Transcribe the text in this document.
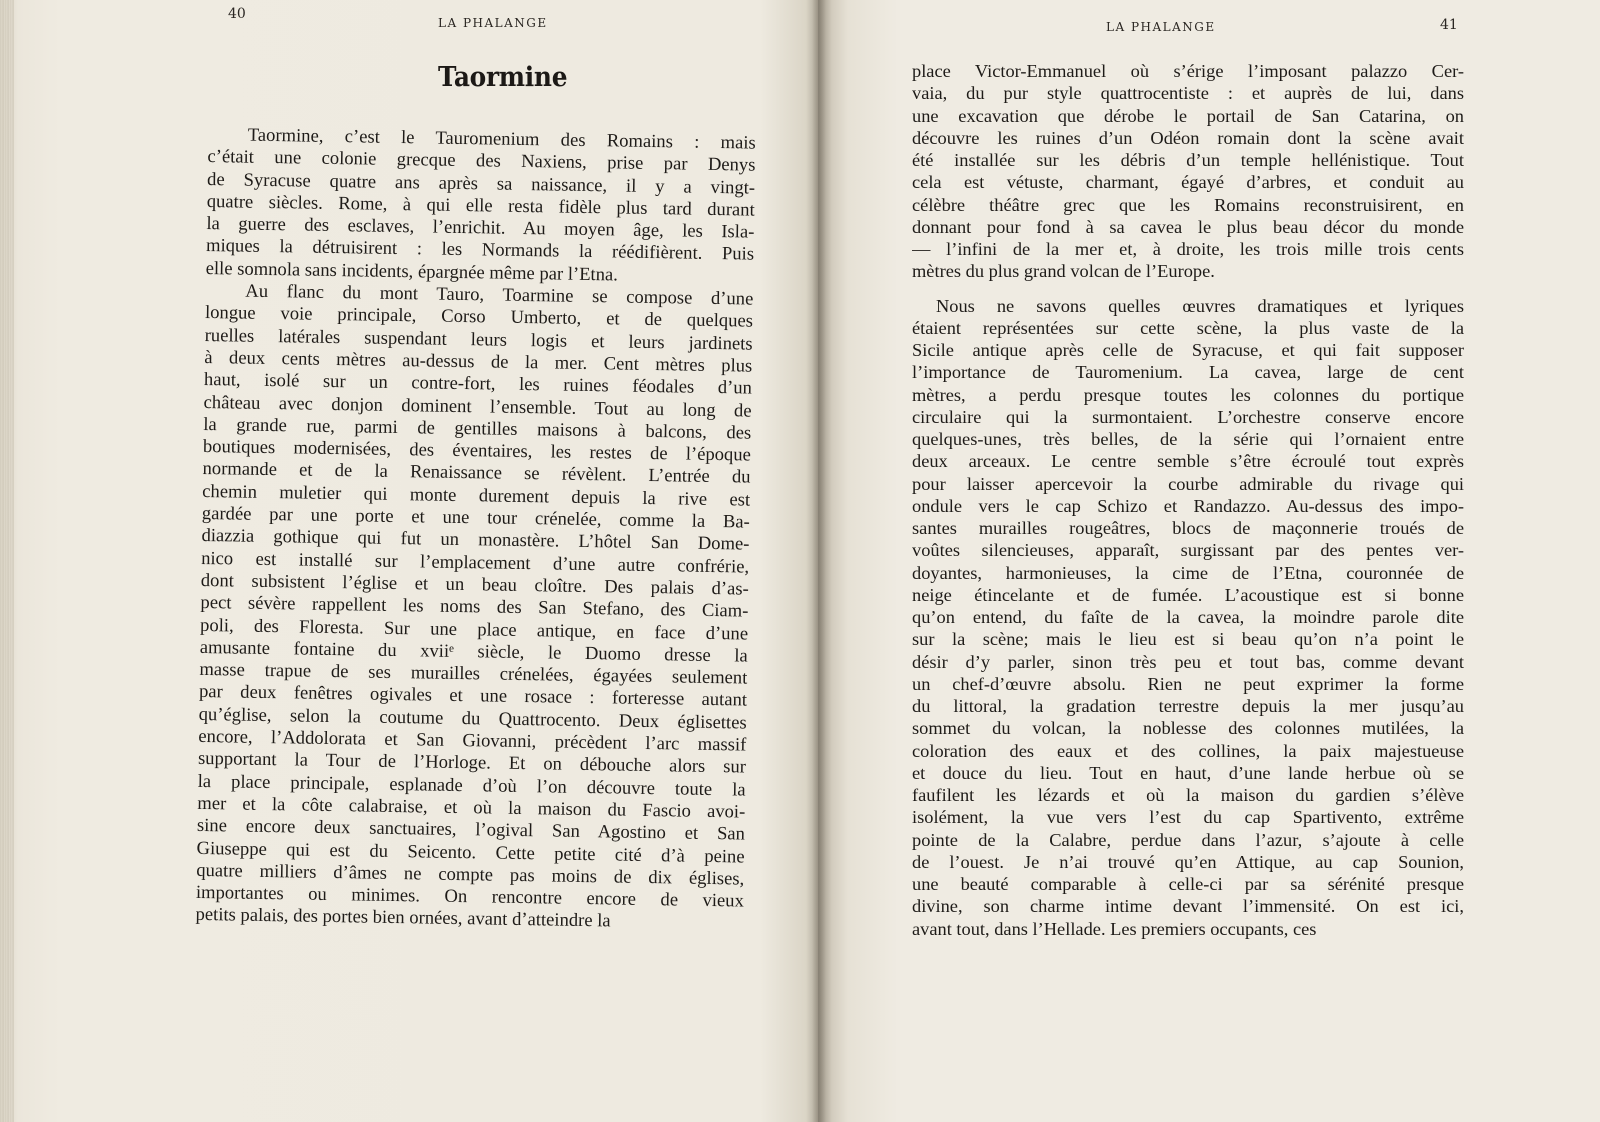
40
LA PHALANGE
Taormine
Taormine, c’est le Tauromenium des Romains : mais
c’était une colonie grecque des Naxiens, prise par Denys
de Syracuse quatre ans après sa naissance, il y a vingt-
quatre siècles. Rome, à qui elle resta fidèle plus tard durant
la guerre des esclaves, l’enrichit. Au moyen âge, les Isla-
miques la détruisirent : les Normands la réédifièrent. Puis
elle somnola sans incidents, épargnée même par l’Etna.
Au flanc du mont Tauro, Toarmine se compose d’une
longue voie principale, Corso Umberto, et de quelques
ruelles latérales suspendant leurs logis et leurs jardinets
à deux cents mètres au-dessus de la mer. Cent mètres plus
haut, isolé sur un contre-fort, les ruines féodales d’un
château avec donjon dominent l’ensemble. Tout au long de
la grande rue, parmi de gentilles maisons à balcons, des
boutiques modernisées, des éventaires, les restes de l’époque
normande et de la Renaissance se révèlent. L’entrée du
chemin muletier qui monte durement depuis la rive est
gardée par une porte et une tour crénelée, comme la Ba-
diazzia gothique qui fut un monastère. L’hôtel San Dome-
nico est installé sur l’emplacement d’une autre confrérie,
dont subsistent l’église et un beau cloître. Des palais d’as-
pect sévère rappellent les noms des San Stefano, des Ciam-
poli, des Floresta. Sur une place antique, en face d’une
amusante fontaine du xviiᵉ siècle, le Duomo dresse la
masse trapue de ses murailles crénelées, égayées seulement
par deux fenêtres ogivales et une rosace : forteresse autant
qu’église, selon la coutume du Quattrocento. Deux églisettes
encore, l’Addolorata et San Giovanni, précèdent l’arc massif
supportant la Tour de l’Horloge. Et on débouche alors sur
la place principale, esplanade d’où l’on découvre toute la
mer et la côte calabraise, et où la maison du Fascio avoi-
sine encore deux sanctuaires, l’ogival San Agostino et San
Giuseppe qui est du Seicento. Cette petite cité d’à peine
quatre milliers d’âmes ne compte pas moins de dix églises,
importantes ou minimes. On rencontre encore de vieux
petits palais, des portes bien ornées, avant d’atteindre la
LA PHALANGE	41
place Victor-Emmanuel où s’érige l’imposant palazzo Cer-
vaia, du pur style quattrocentiste : et auprès de lui, dans
une excavation que dérobe le portail de San Catarina, on
découvre les ruines d’un Odéon romain dont la scène avait
été installée sur les débris d’un temple hellénistique. Tout
cela est vétuste, charmant, égayé d’arbres, et conduit au
célèbre théâtre grec que les Romains reconstruisirent, en
donnant pour fond à sa cavea le plus beau décor du monde
— l’infini de la mer et, à droite, les trois mille trois cents
mètres du plus grand volcan de l’Europe.
Nous ne savons quelles œuvres dramatiques et lyriques
étaient représentées sur cette scène, la plus vaste de la
Sicile antique après celle de Syracuse, et qui fait supposer
l’importance de Tauromenium. La cavea, large de cent
mètres, a perdu presque toutes les colonnes du portique
circulaire qui la surmontaient. L’orchestre conserve encore
quelques-unes, très belles, de la série qui l’ornaient entre
deux arceaux. Le centre semble s’être écroulé tout exprès
pour laisser apercevoir la courbe admirable du rivage qui
ondule vers le cap Schizo et Randazzo. Au-dessus des impo-
santes murailles rougeâtres, blocs de maçonnerie troués de
voûtes silencieuses, apparaît, surgissant par des pentes ver-
doyantes, harmonieuses, la cime de l’Etna, couronnée de
neige étincelante et de fumée. L’acoustique est si bonne
qu’on entend, du faîte de la cavea, la moindre parole dite
sur la scène; mais le lieu est si beau qu’on n’a point le
désir d’y parler, sinon très peu et tout bas, comme devant
un chef-d’œuvre absolu. Rien ne peut exprimer la forme
du littoral, la gradation terrestre depuis la mer jusqu’au
sommet du volcan, la noblesse des colonnes mutilées, la
coloration des eaux et des collines, la paix majestueuse
et douce du lieu. Tout en haut, d’une lande herbue où se
faufilent les lézards et où la maison du gardien s’élève
isolément, la vue vers l’est du cap Spartivento, extrême
pointe de la Calabre, perdue dans l’azur, s’ajoute à celle
de l’ouest. Je n’ai trouvé qu’en Attique, au cap Sounion,
une beauté comparable à celle-ci par sa sérénité presque
divine, son charme intime devant l’immensité. On est ici,
avant tout, dans l’Hellade. Les premiers occupants, ces
